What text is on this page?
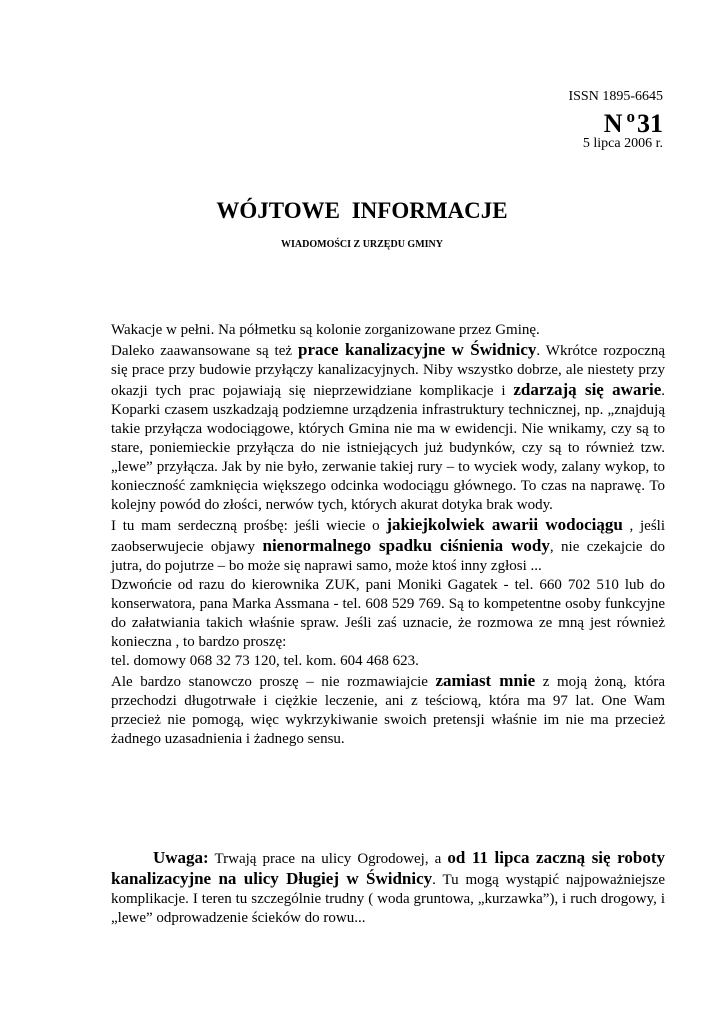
ISSN 1895-6645
N $^o$31
5 lipca 2006 r.
WÓJTOWE INFORMACJE
WIADOMOŚCI Z URZĘDU GMINY

Wakacje w pełni. Na półmetku są kolonie zorganizowane przez Gminę.

Daleko zaawansowane są też prace kanalizacyjne w Świdnicy. Wkrótce rozpoczną się prace przy budowie przyłączy kanalizacyjnych. Niby wszystko dobrze, ale niestety przy okazji tych prac pojawiają się nieprzewidziane komplikacje i zdarzają się awarie. Koparki czasem uszkadzają podziemne urządzenia infrastruktury technicznej, np. „znajdują takie przyłącza wodociągowe, których Gmina nie ma w ewidencji. Nie wnikamy, czy są to stare, poniemieckie przyłącza do nie istniejących już budynków, czy są to również tzw. „lewe” przyłącza. Jak by nie było, zerwanie takiej rury – to wyciek wody, zalany wykop, to konieczność zamknięcia większego odcinka wodociągu głównego. To czas na naprawę. To kolejny powód do złości, nerwów tych, których akurat dotyka brak wody.

I tu mam serdeczną prośbę: jeśli wiecie o jakiejkolwiek awarii wodociągu , jeśli zaobserwujecie objawy nienormalnego spadku ciśnienia wody, nie czekajcie do jutra, do pojutrze – bo może się naprawi samo, może ktoś inny zgłosi ...

Dzwońcie od razu do kierownika ZUK, pani Moniki Gagatek - tel. 660 702 510 lub do konserwatora, pana Marka Assmana - tel. 608 529 769. Są to kompetentne osoby funkcyjne do załatwiania takich właśnie spraw. Jeśli zaś uznacie, że rozmowa ze mną jest również konieczna , to bardzo proszę:

tel. domowy 068 32 73 120, tel. kom. 604 468 623.

Ale bardzo stanowczo proszę – nie rozmawiajcie zamiast mnie z moją żoną, która przechodzi długotrwałe i ciężkie leczenie, ani z teściową, która ma 97 lat. One Wam przecież nie pomogą, więc wykrzykiwanie swoich pretensji właśnie im nie ma przecież żadnego uzasadnienia i żadnego sensu.

Uwaga: Trwają prace na ulicy Ogrodowej, a od 11 lipca zaczną się roboty kanalizacyjne na ulicy Długiej w Świdnicy. Tu mogą wystąpić najpoważniejsze komplikacje. I teren tu szczególnie trudny ( woda gruntowa, „kurzawka”), i ruch drogowy, i „lewe” odprowadzenie ścieków do rowu...
